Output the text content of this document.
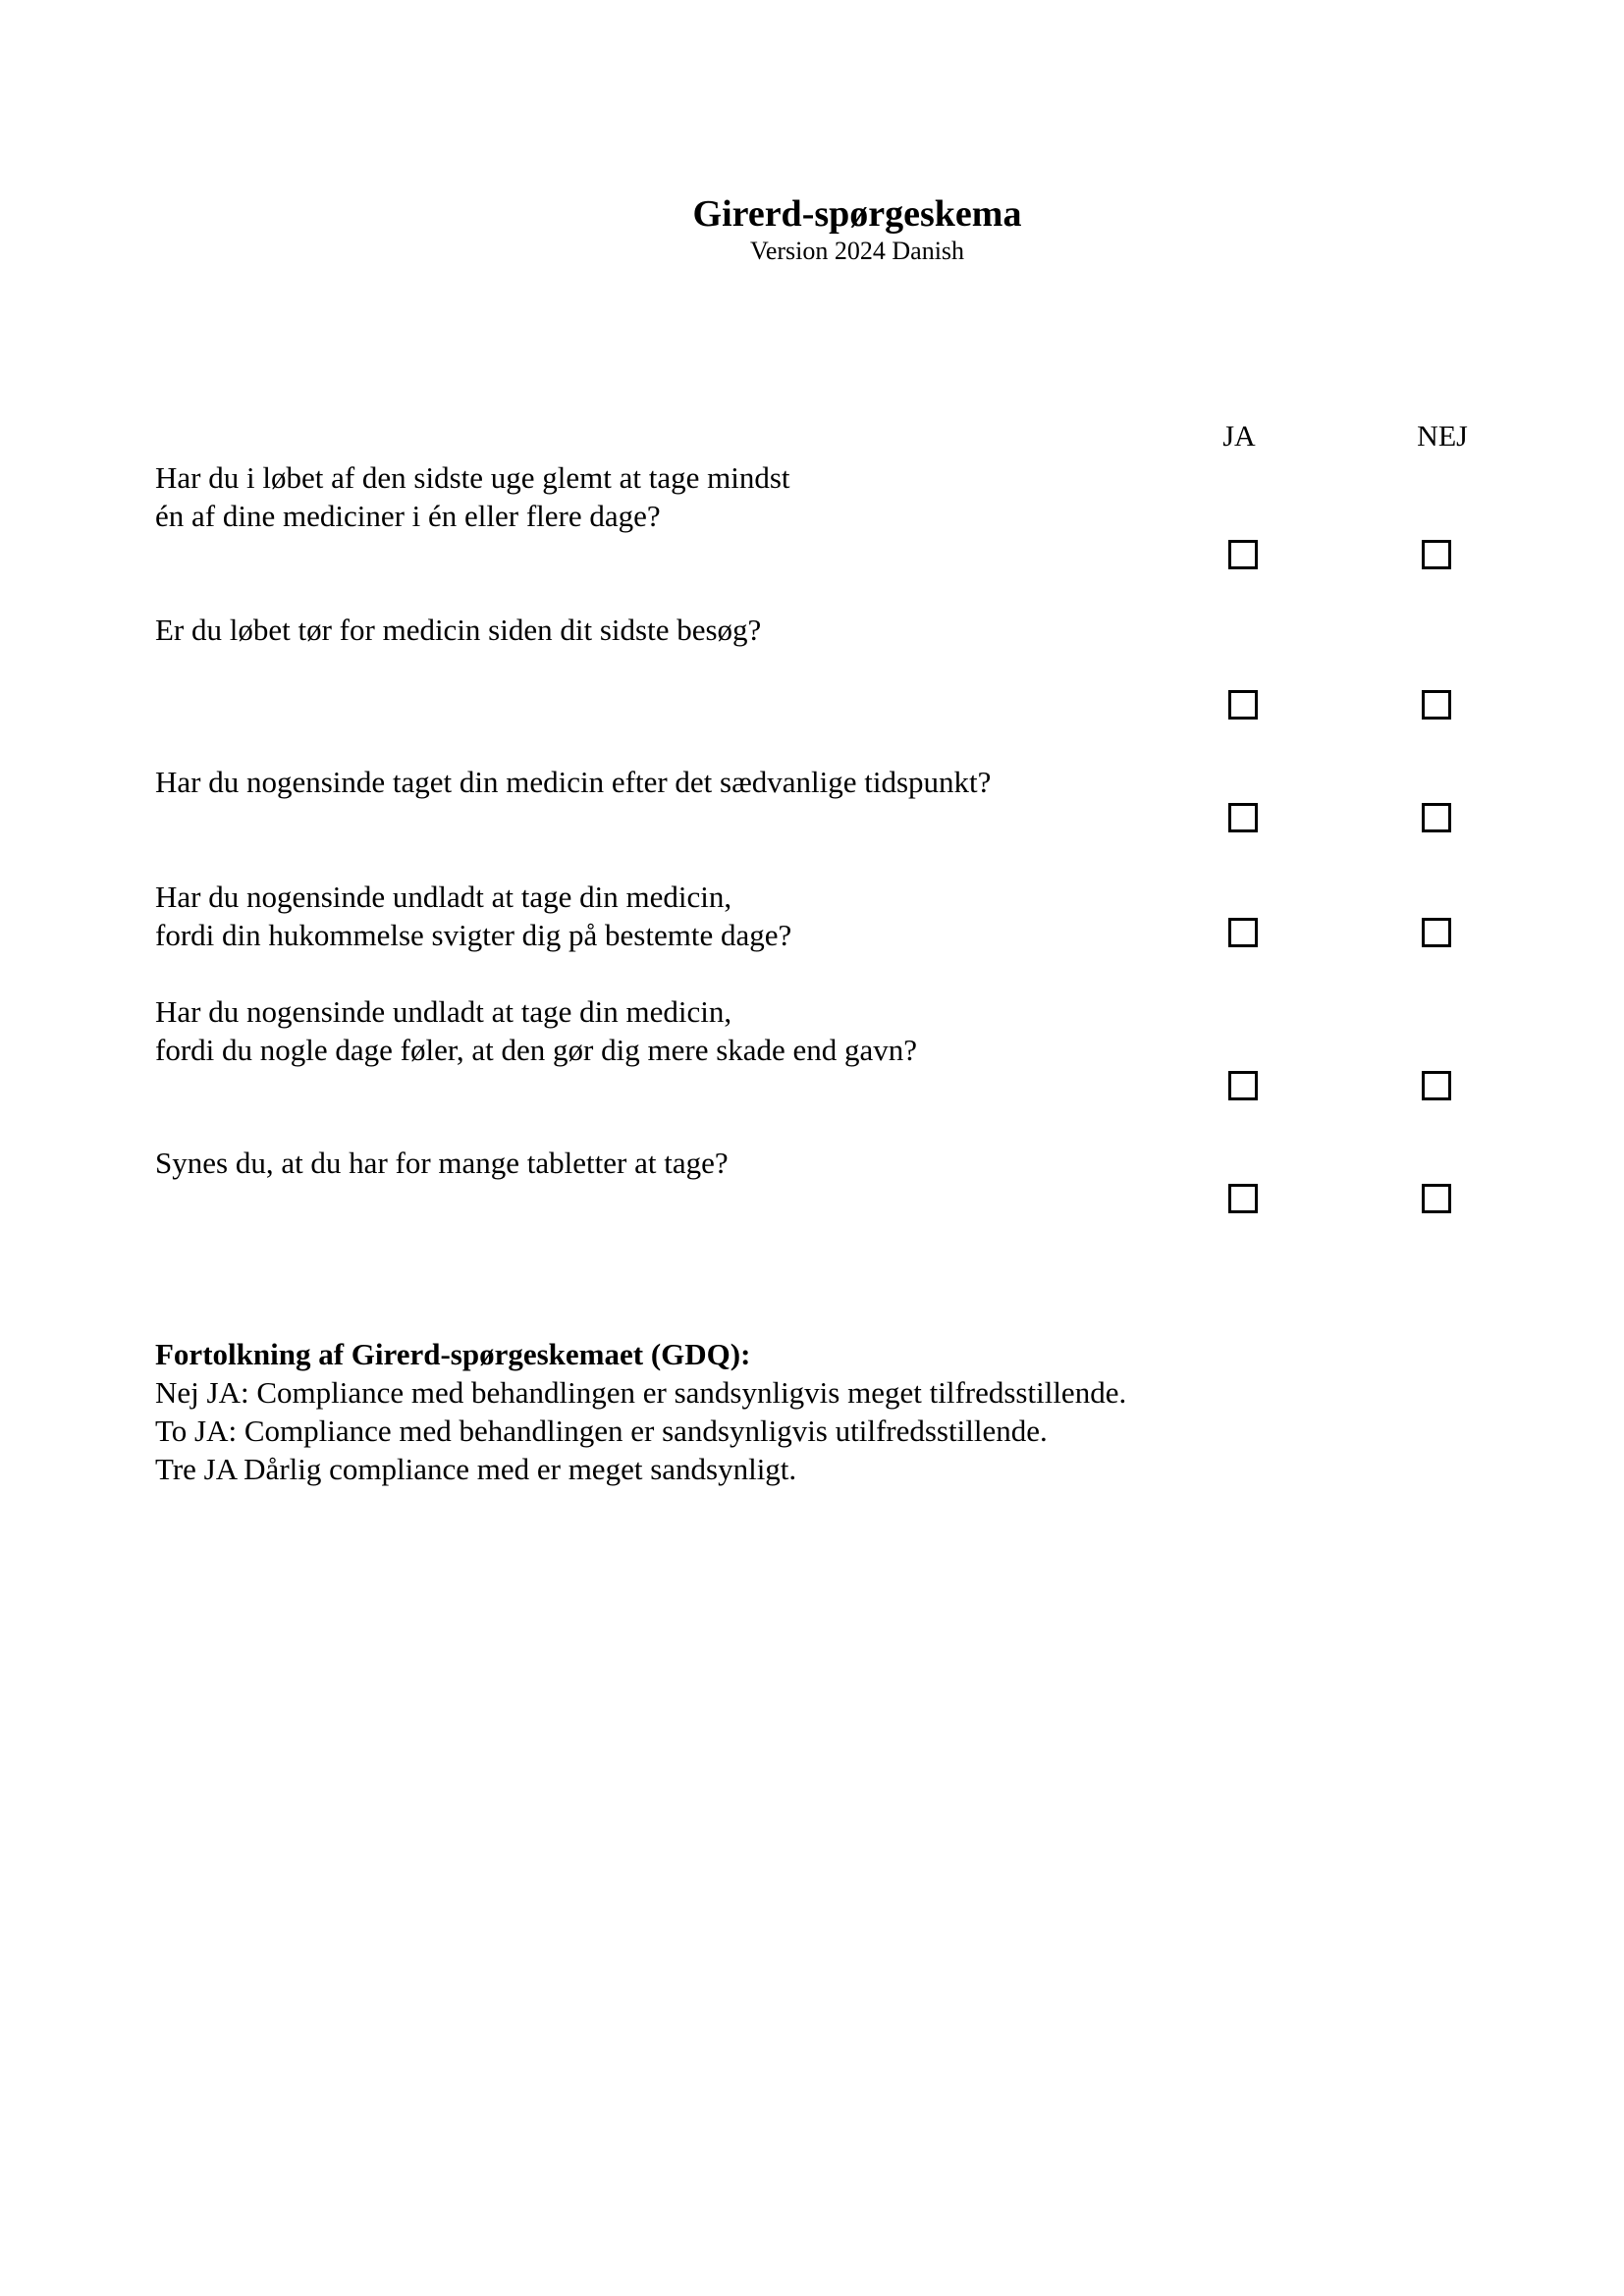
Girerd-spørgeskema
Version 2024 Danish
JA	NEJ
Har du i løbet af den sidste uge glemt at tage mindst
én af dine mediciner i én eller flere dage?
Er du løbet tør for medicin siden dit sidste besøg?
Har du nogensinde taget din medicin efter det sædvanlige tidspunkt?
Har du nogensinde undladt at tage din medicin,
fordi din hukommelse svigter dig på bestemte dage?
Har du nogensinde undladt at tage din medicin,
fordi du nogle dage føler, at den gør dig mere skade end gavn?
Synes du, at du har for mange tabletter at tage?
Fortolkning af Girerd-spørgeskemaet (GDQ):
Nej JA: Compliance med behandlingen er sandsynligvis meget tilfredsstillende.
To JA: Compliance med behandlingen er sandsynligvis utilfredsstillende.
Tre JA Dårlig compliance med er meget sandsynligt.
